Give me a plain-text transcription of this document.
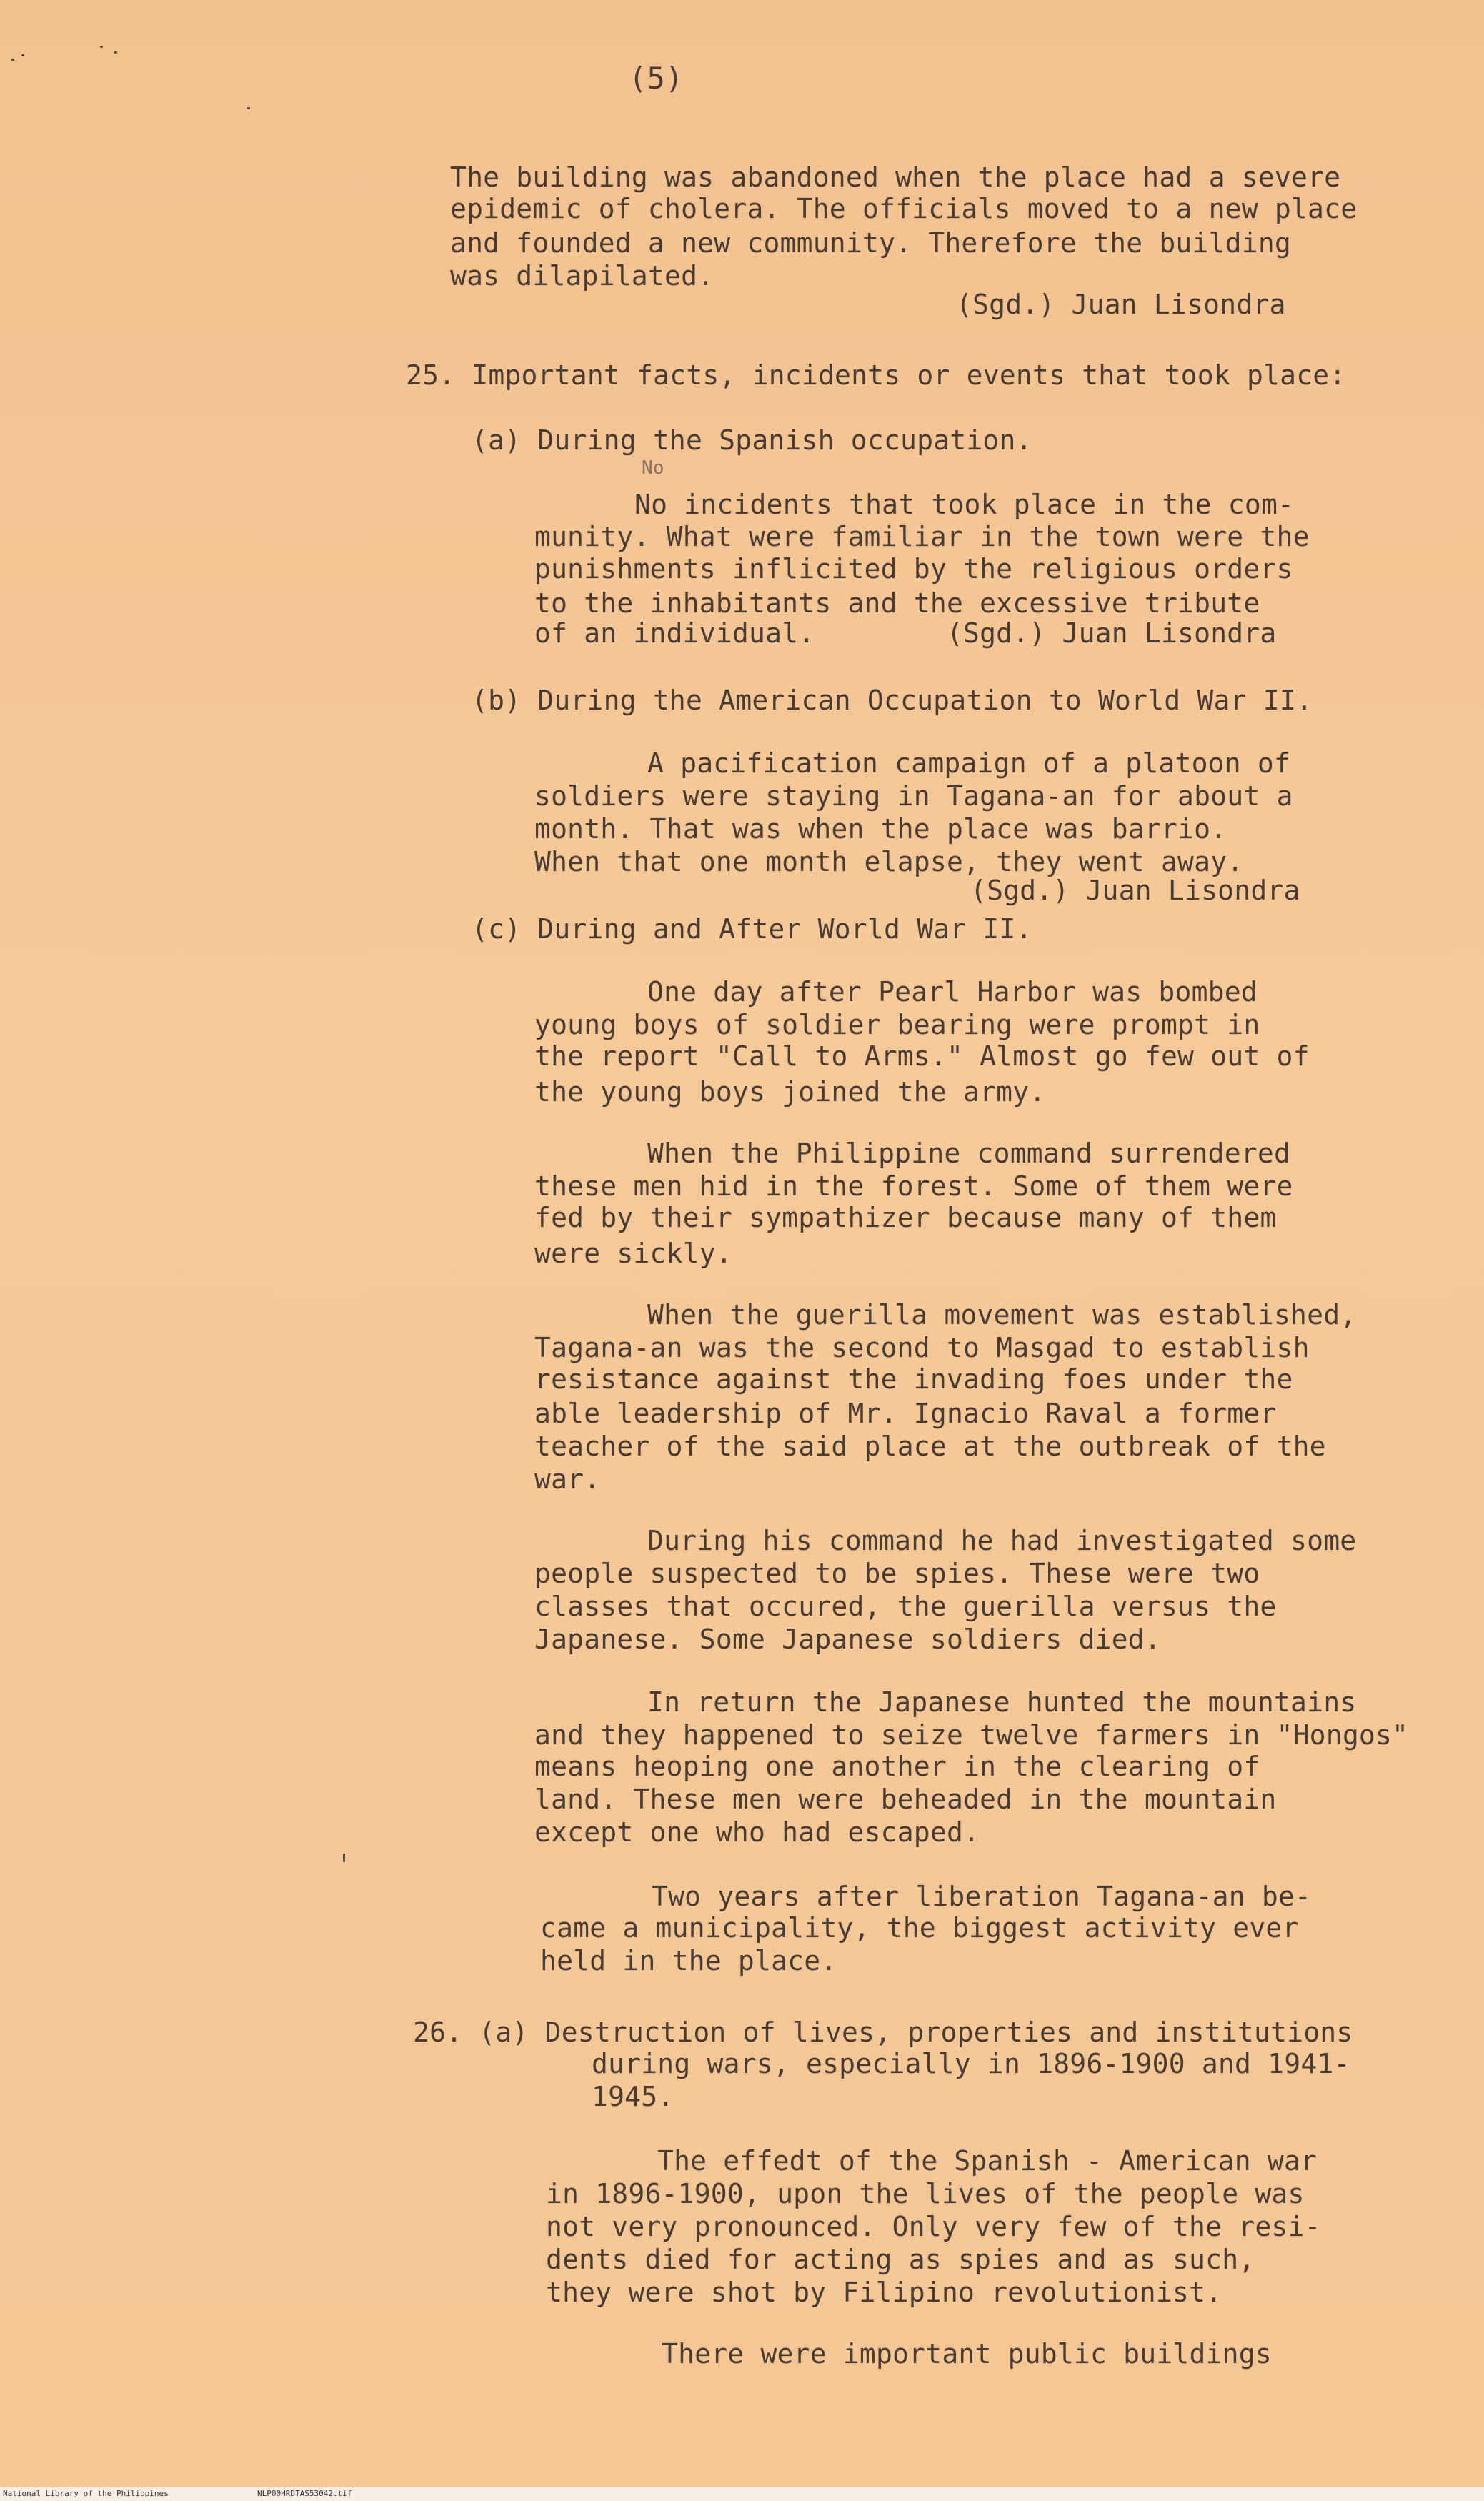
(5)
The building was abandoned when the place had a severe
epidemic of cholera. The officials moved to a new place
and founded a new community. Therefore the building
was dilapilated.
(Sgd.) Juan Lisondra
25. Important facts, incidents or events that took place:
(a) During the Spanish occupation.
No
No incidents that took place in the com-
munity. What were familiar in the town were the
punishments inflicited by the religious orders
to the inhabitants and the excessive tribute
of an individual.        (Sgd.) Juan Lisondra
(b) During the American Occupation to World War II.
A pacification campaign of a platoon of
soldiers were staying in Tagana-an for about a
month. That was when the place was barrio.
When that one month elapse, they went away.
(Sgd.) Juan Lisondra
(c) During and After World War II.
One day after Pearl Harbor was bombed
young boys of soldier bearing were prompt in
the report "Call to Arms." Almost go few out of
the young boys joined the army.
When the Philippine command surrendered
these men hid in the forest. Some of them were
fed by their sympathizer because many of them
were sickly.
When the guerilla movement was established,
Tagana-an was the second to Masgad to establish
resistance against the invading foes under the
able leadership of Mr. Ignacio Raval a former
teacher of the said place at the outbreak of the
war.
During his command he had investigated some
people suspected to be spies. These were two
classes that occured, the guerilla versus the
Japanese. Some Japanese soldiers died.
In return the Japanese hunted the mountains
and they happened to seize twelve farmers in "Hongos"
means heoping one another in the clearing of
land. These men were beheaded in the mountain
except one who had escaped.
Two years after liberation Tagana-an be-
came a municipality, the biggest activity ever
held in the place.
26. (a) Destruction of lives, properties and institutions
during wars, especially in 1896-1900 and 1941-
1945.
The effedt of the Spanish - American war
in 1896-1900, upon the lives of the people was
not very pronounced. Only very few of the resi-
dents died for acting as spies and as such,
they were shot by Filipino revolutionist.
There were important public buildings
National Library of the Philippines	NLP00HRDTAS53042.tif
